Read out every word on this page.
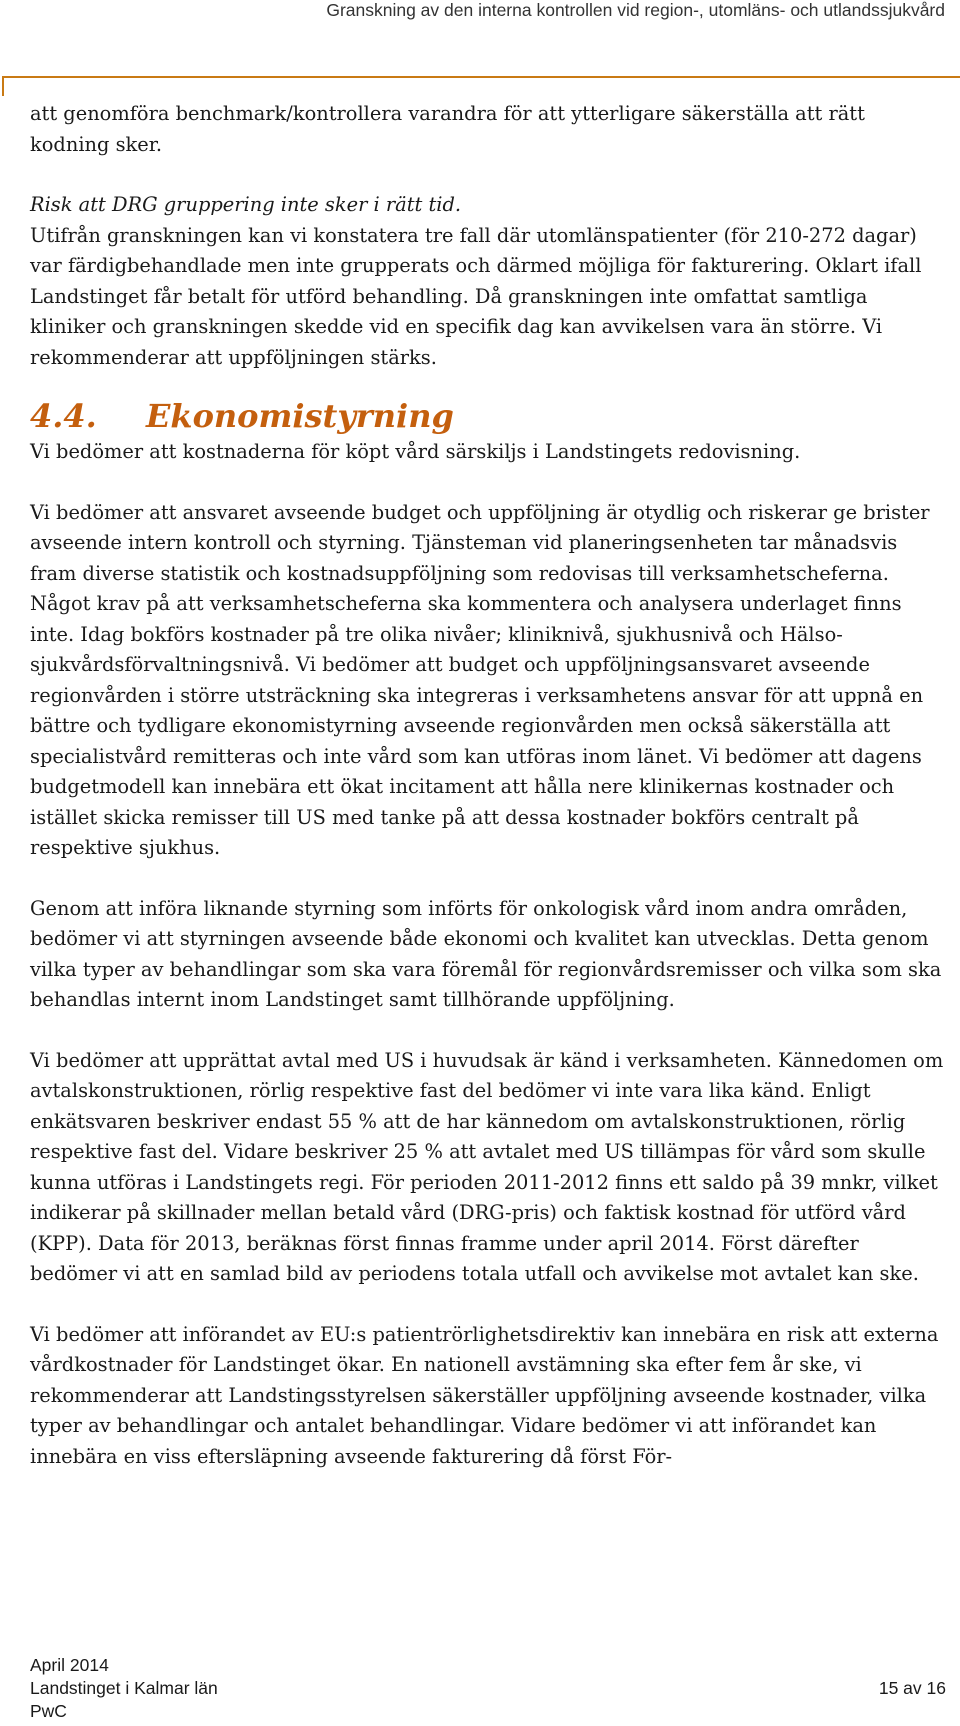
Granskning av den interna kontrollen vid region-, utomläns- och utlandssjukvård

att genomföra benchmark/kontrollera varandra för att ytterligare säkerställa att rätt kodning sker.

Risk att DRG gruppering inte sker i rätt tid.

Utifrån granskningen kan vi konstatera tre fall där utomlänspatienter (för 210-272 dagar) var färdigbehandlade men inte grupperats och därmed möjliga för fakturering. Oklart ifall Landstinget får betalt för utförd behandling. Då granskningen inte omfattat samtliga kliniker och granskningen skedde vid en specifik dag kan avvikelsen vara än större. Vi rekommenderar att uppföljningen stärks.

4.4.	Ekonomistyrning

Vi bedömer att kostnaderna för köpt vård särskiljs i Landstingets redovisning.

Vi bedömer att ansvaret avseende budget och uppföljning är otydlig och riskerar ge brister avseende intern kontroll och styrning. Tjänsteman vid planeringsenheten tar månadsvis fram diverse statistik och kostnadsuppföljning som redovisas till verksamhetscheferna. Något krav på att verksamhetscheferna ska kommentera och analysera underlaget finns inte. Idag bokförs kostnader på tre olika nivåer; kliniknivå, sjukhusnivå och Hälso- sjukvårdsförvaltningsnivå. Vi bedömer att budget och uppföljningsansvaret avseende regionvården i större utsträckning ska integreras i verksamhetens ansvar för att uppnå en bättre och tydligare ekonomistyrning avseende regionvården men också säkerställa att specialistvård remitteras och inte vård som kan utföras inom länet. Vi bedömer att dagens budgetmodell kan innebära ett ökat incitament att hålla nere klinikernas kostnader och istället skicka remisser till US med tanke på att dessa kostnader bokförs centralt på respektive sjukhus.

Genom att införa liknande styrning som införts för onkologisk vård inom andra områden, bedömer vi att styrningen avseende både ekonomi och kvalitet kan utvecklas. Detta genom vilka typer av behandlingar som ska vara föremål för regionvårdsremisser och vilka som ska behandlas internt inom Landstinget samt tillhörande uppföljning.

Vi bedömer att upprättat avtal med US i huvudsak är känd i verksamheten. Kännedomen om avtalskonstruktionen, rörlig respektive fast del bedömer vi inte vara lika känd. Enligt enkätsvaren beskriver endast 55 % att de har kännedom om avtalskonstruktionen, rörlig respektive fast del. Vidare beskriver 25 % att avtalet med US tillämpas för vård som skulle kunna utföras i Landstingets regi. För perioden 2011-2012 finns ett saldo på 39 mnkr, vilket indikerar på skillnader mellan betald vård (DRG-pris) och faktisk kostnad för utförd vård (KPP). Data för 2013, beräknas först finnas framme under april 2014. Först därefter bedömer vi att en samlad bild av periodens totala utfall och avvikelse mot avtalet kan ske.

Vi bedömer att införandet av EU:s patientrörlighetsdirektiv kan innebära en risk att externa vårdkostnader för Landstinget ökar. En nationell avstämning ska efter fem år ske, vi rekommenderar att Landstingsstyrelsen säkerställer uppföljning avseende kostnader, vilka typer av behandlingar och antalet behandlingar. Vidare bedömer vi att införandet kan innebära en viss eftersläpning avseende fakturering då först För-

April 2014
Landstinget i Kalmar län	15 av 16
PwC
